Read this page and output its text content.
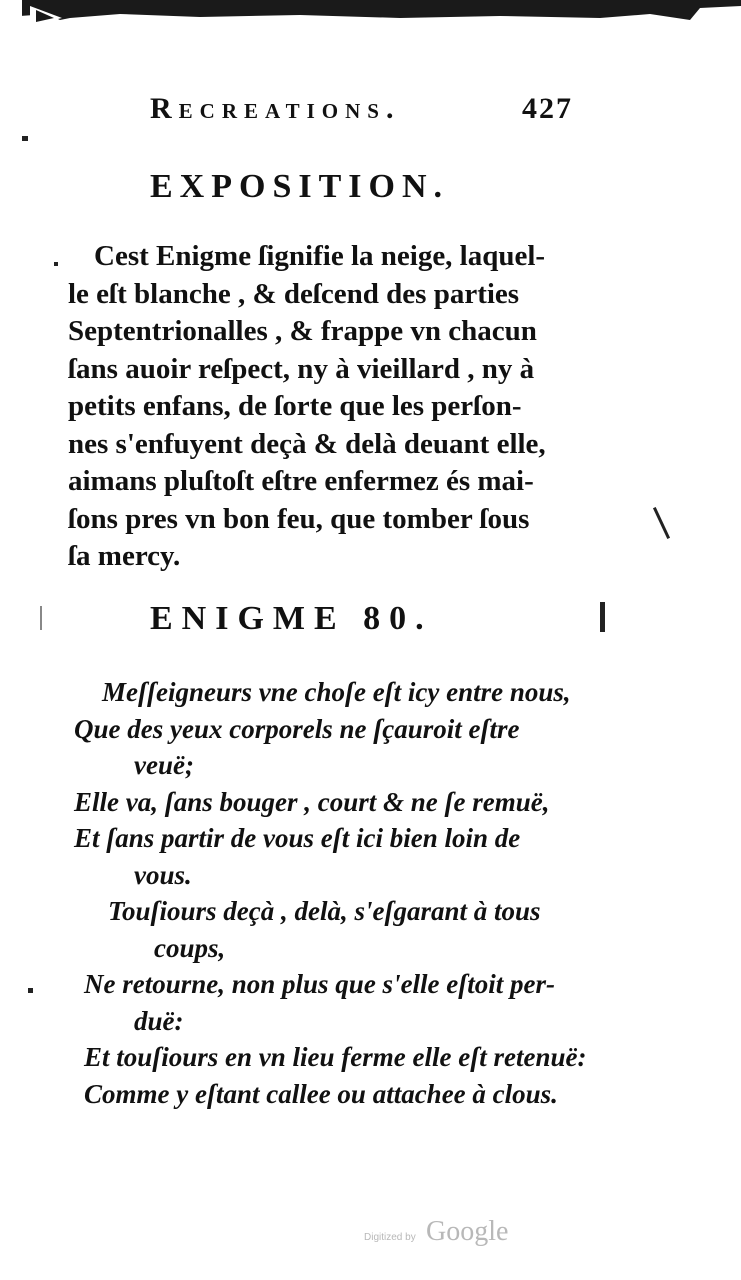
Recreations.	427
EXPOSITION.
Cest Enigme ſignifie la neige, laquel-
le eſt blanche , & deſcend des parties
Septentrionalles , & frappe vn chacun
ſans auoir reſpect, ny à vieillard , ny à
petits enfans, de ſorte que les perſon-
nes s'enfuyent deçà & delà deuant elle,
aimans pluſtoſt eſtre enfermez és mai-
ſons pres vn bon feu, que tomber ſous
ſa mercy.
ENIGME 80.
Meſſeigneurs vne choſe eſt icy entre nous,
Que des yeux corporels ne ſçauroit eſtre
veuë;
Elle va, ſans bouger , court & ne ſe remuë,
Et ſans partir de vous eſt ici bien loin de
vous.
Touſiours deçà , delà, s'eſgarant à tous
coups,
Ne retourne, non plus que s'elle eſtoit per-
duë:
Et touſiours en vn lieu ferme elle eſt retenuë:
Comme y eſtant callee ou attachee à clous.
Digitized by Google
